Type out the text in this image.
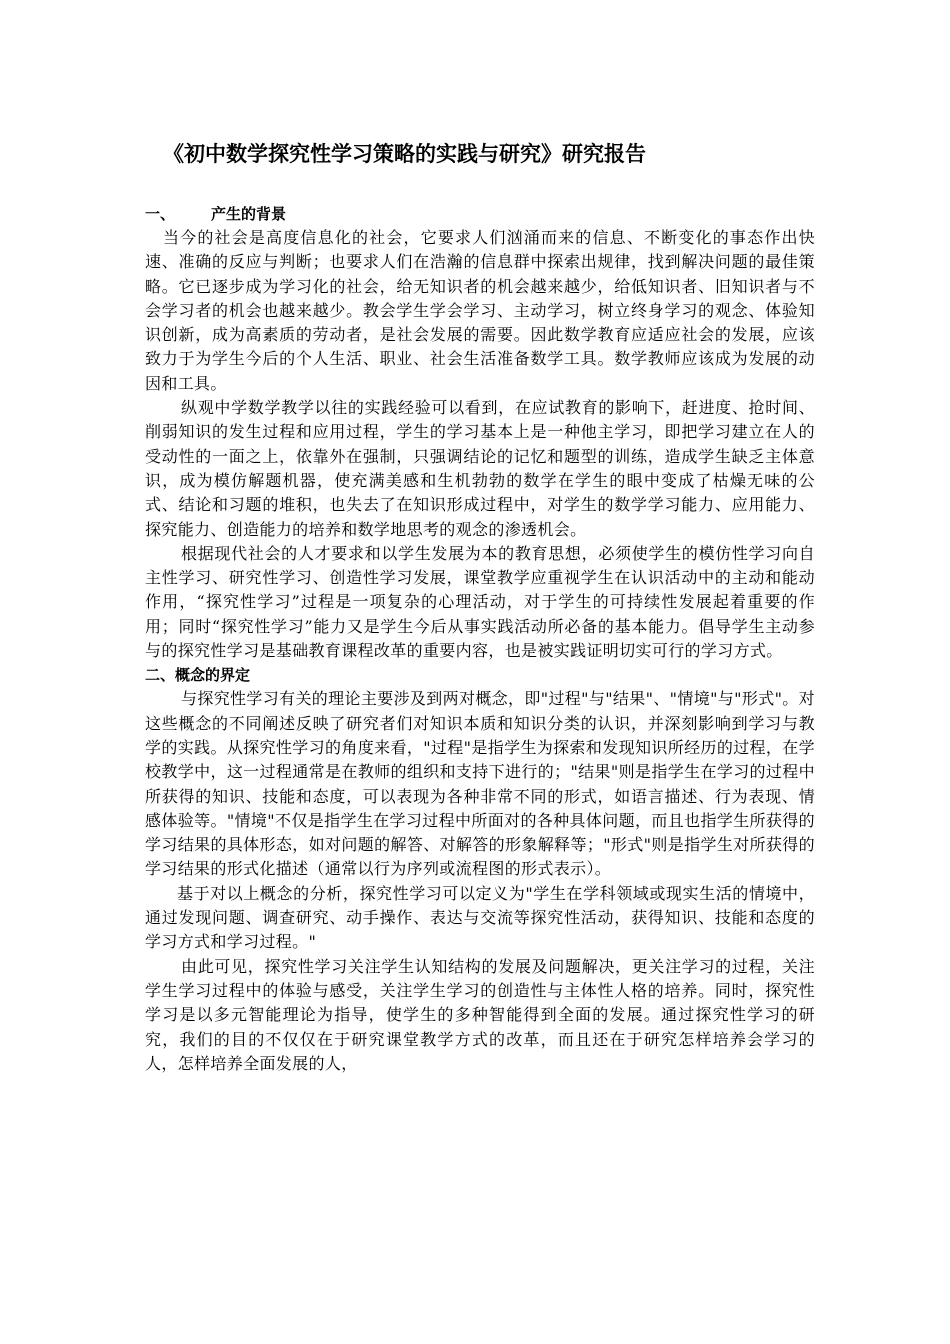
《初中数学探究性学习策略的实践与研究》研究报告
一、 产生的背景

当今的社会是高度信息化的社会，它要求人们汹涌而来的信息、不断变化的事态作出快速、准确的反应与判断；也要求人们在浩瀚的信息群中探索出规律，找到解决问题的最佳策略。它已逐步成为学习化的社会，给无知识者的机会越来越少，给低知识者、旧知识者与不会学习者的机会也越来越少。教会学生学会学习、主动学习，树立终身学习的观念、体验知识创新，成为高素质的劳动者，是社会发展的需要。因此数学教育应适应社会的发展，应该致力于为学生今后的个人生活、职业、社会生活准备数学工具。数学教师应该成为发展的动因和工具。

纵观中学数学教学以往的实践经验可以看到，在应试教育的影响下，赶进度、抢时间、削弱知识的发生过程和应用过程，学生的学习基本上是一种他主学习，即把学习建立在人的受动性的一面之上，依靠外在强制，只强调结论的记忆和题型的训练，造成学生缺乏主体意识，成为模仿解题机器，使充满美感和生机勃勃的数学在学生的眼中变成了枯燥无味的公式、结论和习题的堆积，也失去了在知识形成过程中，对学生的数学学习能力、应用能力、探究能力、创造能力的培养和数学地思考的观念的渗透机会。

根据现代社会的人才要求和以学生发展为本的教育思想，必须使学生的模仿性学习向自主性学习、研究性学习、创造性学习发展，课堂教学应重视学生在认识活动中的主动和能动作用，“探究性学习”过程是一项复杂的心理活动，对于学生的可持续性发展起着重要的作用；同时“探究性学习”能力又是学生今后从事实践活动所必备的基本能力。倡导学生主动参与的探究性学习是基础教育课程改革的重要内容，也是被实践证明切实可行的学习方式。

二、概念的界定

与探究性学习有关的理论主要涉及到两对概念，即"过程"与"结果"、"情境"与"形式"。对这些概念的不同阐述反映了研究者们对知识本质和知识分类的认识，并深刻影响到学习与教学的实践。从探究性学习的角度来看，"过程"是指学生为探索和发现知识所经历的过程，在学校教学中，这一过程通常是在教师的组织和支持下进行的；"结果"则是指学生在学习的过程中所获得的知识、技能和态度，可以表现为各种非常不同的形式，如语言描述、行为表现、情感体验等。"情境"不仅是指学生在学习过程中所面对的各种具体问题，而且也指学生所获得的学习结果的具体形态，如对问题的解答、对解答的形象解释等；"形式"则是指学生对所获得的学习结果的形式化描述（通常以行为序列或流程图的形式表示）。

基于对以上概念的分析，探究性学习可以定义为"学生在学科领域或现实生活的情境中，通过发现问题、调查研究、动手操作、表达与交流等探究性活动，获得知识、技能和态度的学习方式和学习过程。"

由此可见，探究性学习关注学生认知结构的发展及问题解决，更关注学习的过程，关注学生学习过程中的体验与感受，关注学生学习的创造性与主体性人格的培养。同时，探究性学习是以多元智能理论为指导，使学生的多种智能得到全面的发展。通过探究性学习的研究，我们的目的不仅仅在于研究课堂教学方式的改革，而且还在于研究怎样培养会学习的人，怎样培养全面发展的人，
